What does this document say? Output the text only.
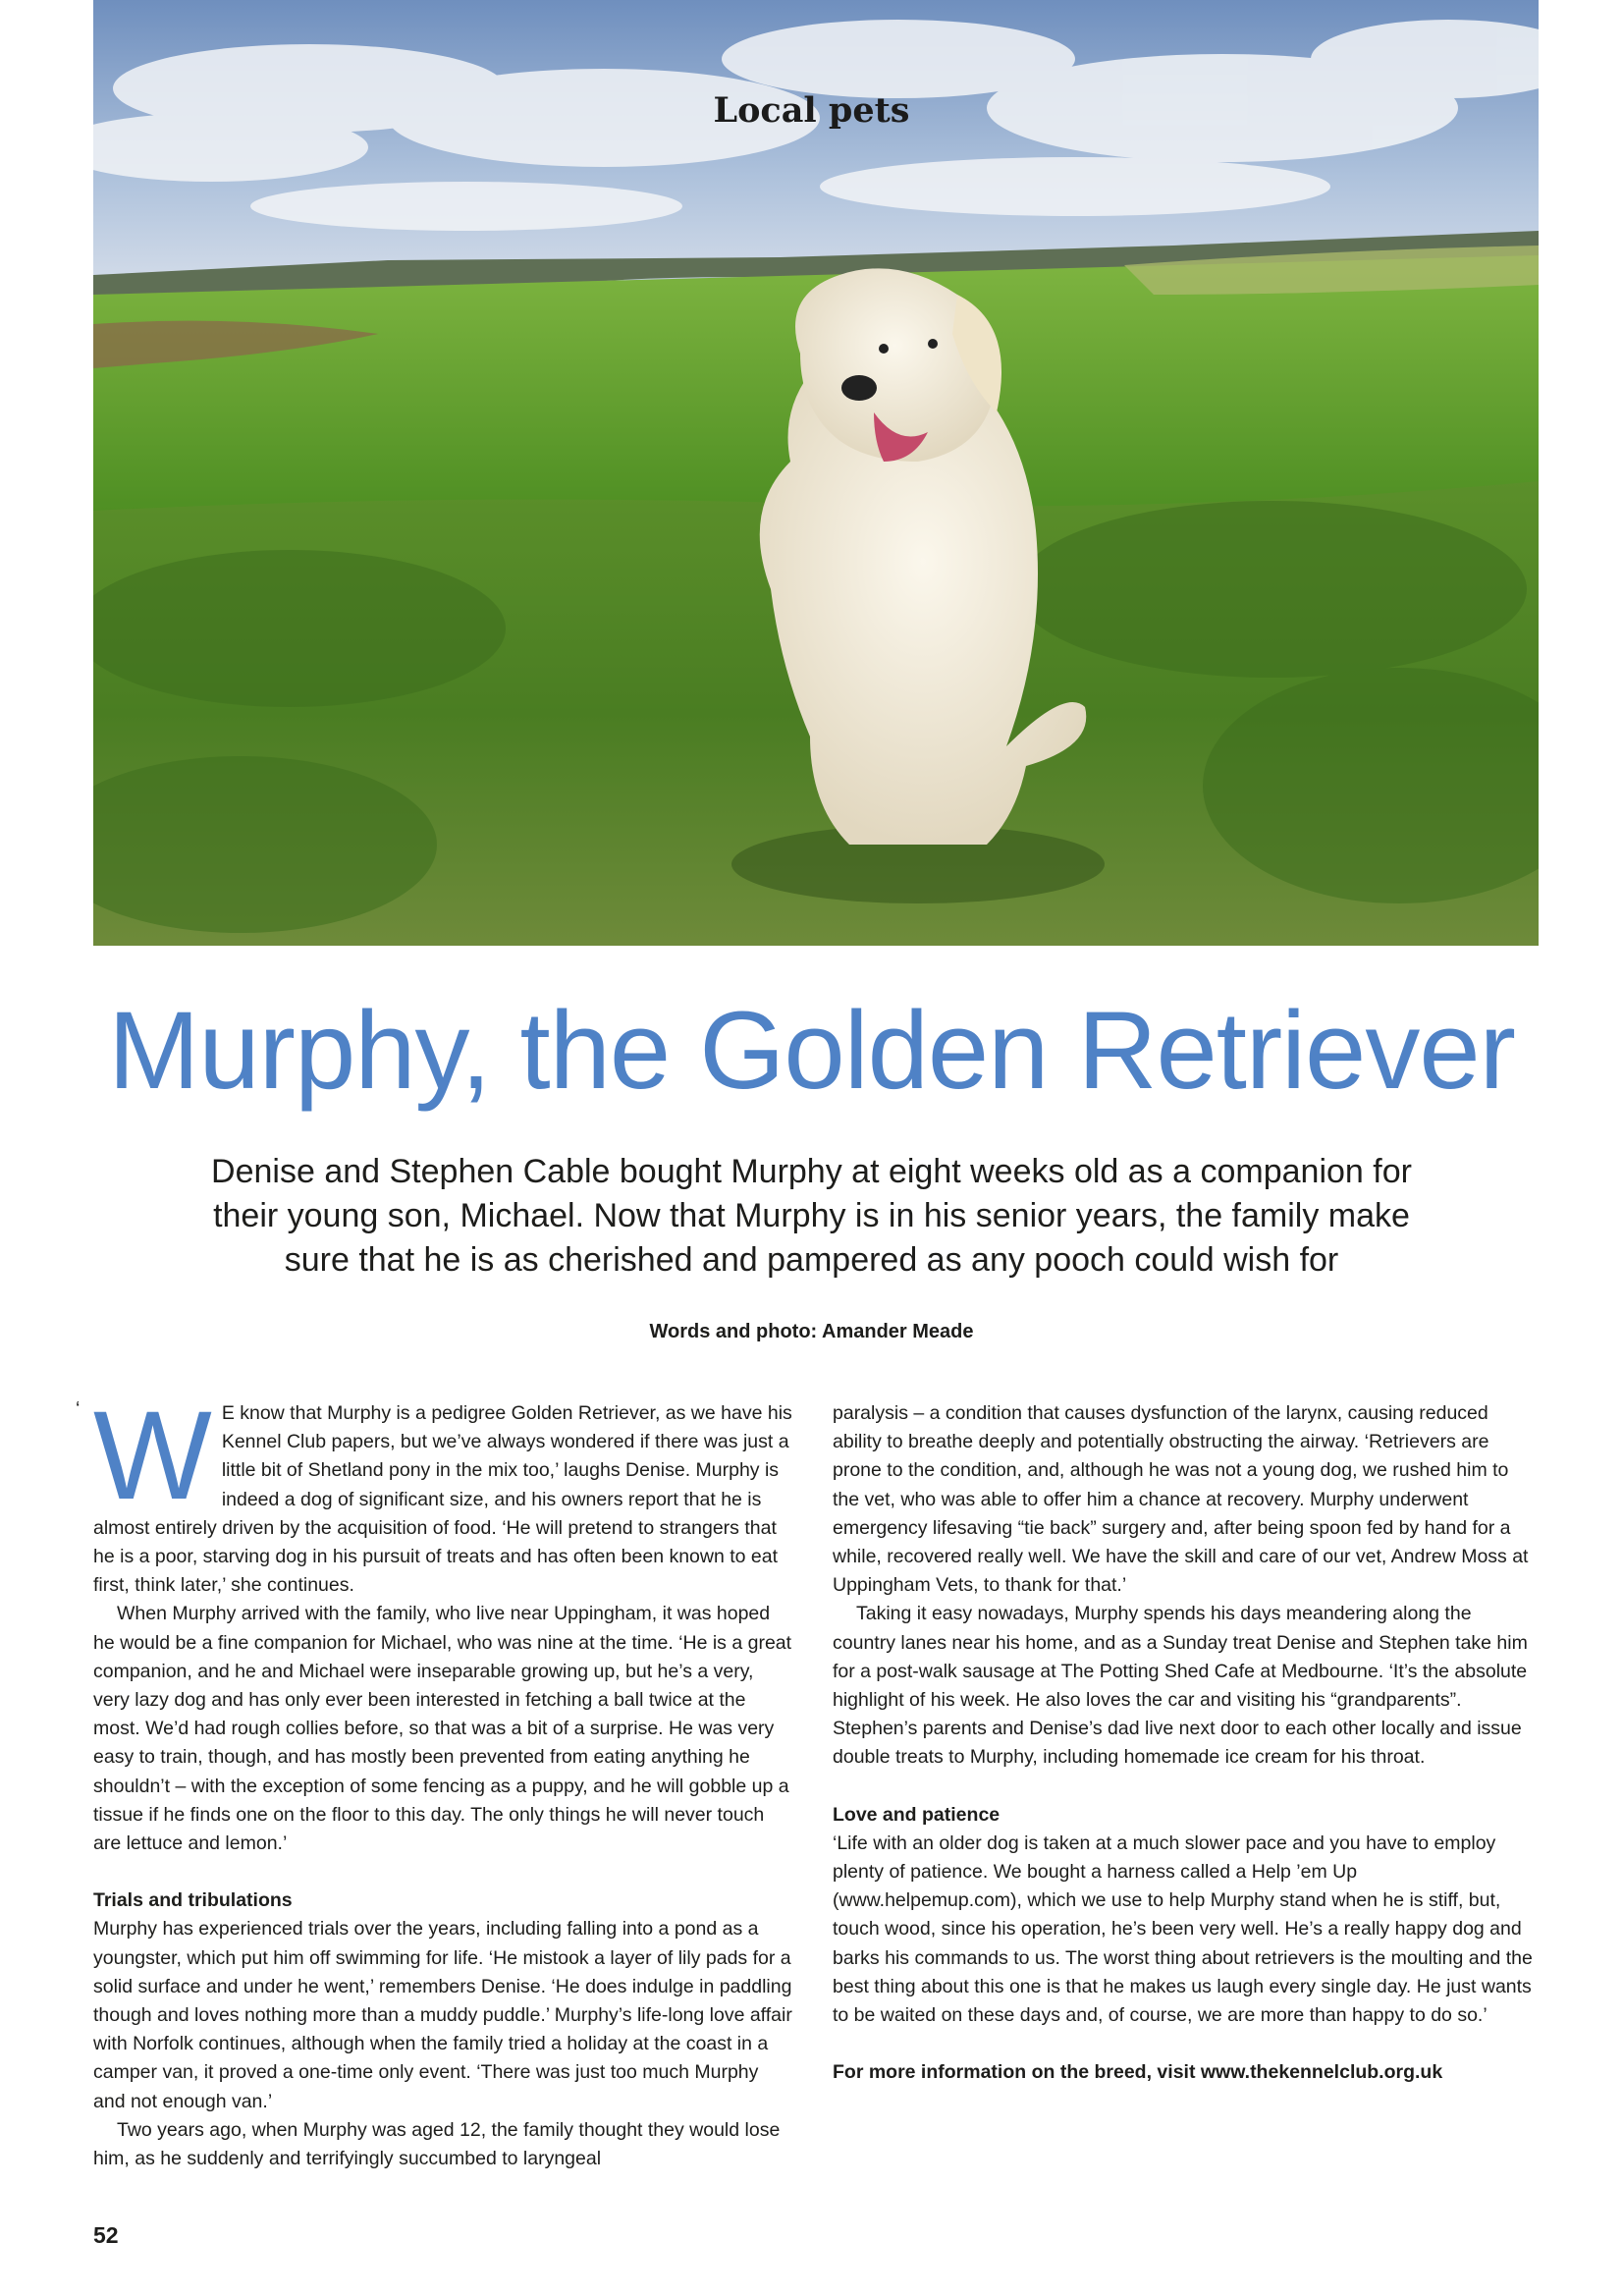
Local pets
Murphy, the Golden Retriever

Denise and Stephen Cable bought Murphy at eight weeks old as a companion for their young son, Michael. Now that Murphy is in his senior years, the family make sure that he is as cherished and pampered as any pooch could wish for

Words and photo: Amander Meade
‘ W E know that Murphy is a pedigree Golden Retriever, as we have his Kennel Club papers, but we’ve always wondered if there was just a little bit of Shetland pony in the mix too,’ laughs Denise. Murphy is indeed a dog of significant size, and his owners report that he is almost entirely driven by the acquisition of food. ‘He will pretend to strangers that he is a poor, starving dog in his pursuit of treats and has often been known to eat first, think later,’ she continues.

When Murphy arrived with the family, who live near Uppingham, it was hoped he would be a fine companion for Michael, who was nine at the time. ‘He is a great companion, and he and Michael were inseparable growing up, but he’s a very, very lazy dog and has only ever been interested in fetching a ball twice at the most. We’d had rough collies before, so that was a bit of a surprise. He was very easy to train, though, and has mostly been prevented from eating anything he shouldn’t – with the exception of some fencing as a puppy, and he will gobble up a tissue if he finds one on the floor to this day. The only things he will never touch are lettuce and lemon.’

Trials and tribulations

Murphy has experienced trials over the years, including falling into a pond as a youngster, which put him off swimming for life. ‘He mistook a layer of lily pads for a solid surface and under he went,’ remembers Denise. ‘He does indulge in paddling though and loves nothing more than a muddy puddle.’ Murphy’s life-long love affair with Norfolk continues, although when the family tried a holiday at the coast in a camper van, it proved a one-time only event. ‘There was just too much Murphy and not enough van.’

Two years ago, when Murphy was aged 12, the family thought they would lose him, as he suddenly and terrifyingly succumbed to laryngeal

paralysis – a condition that causes dysfunction of the larynx, causing reduced ability to breathe deeply and potentially obstructing the airway. ‘Retrievers are prone to the condition, and, although he was not a young dog, we rushed him to the vet, who was able to offer him a chance at recovery. Murphy underwent emergency lifesaving “tie back” surgery and, after being spoon fed by hand for a while, recovered really well. We have the skill and care of our vet, Andrew Moss at Uppingham Vets, to thank for that.’

Taking it easy nowadays, Murphy spends his days meandering along the country lanes near his home, and as a Sunday treat Denise and Stephen take him for a post-walk sausage at The Potting Shed Cafe at Medbourne. ‘It’s the absolute highlight of his week. He also loves the car and visiting his “grandparents”. Stephen’s parents and Denise’s dad live next door to each other locally and issue double treats to Murphy, including homemade ice cream for his throat.

Love and patience

‘Life with an older dog is taken at a much slower pace and you have to employ plenty of patience. We bought a harness called a Help ’em Up (www.helpemup.com), which we use to help Murphy stand when he is stiff, but, touch wood, since his operation, he’s been very well. He’s a really happy dog and barks his commands to us. The worst thing about retrievers is the moulting and the best thing about this one is that he makes us laugh every single day. He just wants to be waited on these days and, of course, we are more than happy to do so.’

For more information on the breed, visit www.thekennelclub.org.uk

52
